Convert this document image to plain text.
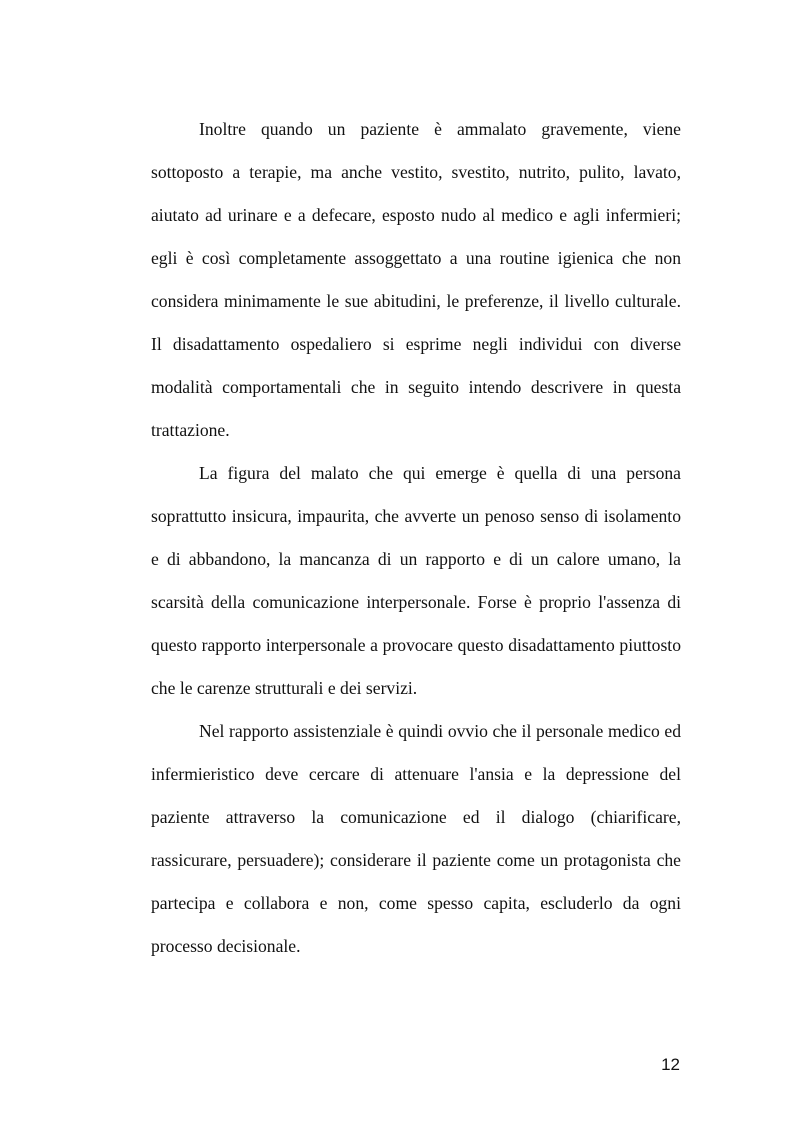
Inoltre quando un paziente è ammalato gravemente, viene sottoposto a terapie, ma anche vestito, svestito, nutrito, pulito, lavato, aiutato ad urinare e a defecare, esposto nudo al medico e agli infermieri; egli è così completamente assoggettato a una routine igienica che non considera minimamente le sue abitudini, le preferenze, il livello culturale. Il disadattamento ospedaliero si esprime negli individui con diverse modalità comportamentali che in seguito intendo descrivere in questa trattazione.

La figura del malato che qui emerge è quella di una persona soprattutto insicura, impaurita, che avverte un penoso senso di isolamento e di abbandono, la mancanza di un rapporto e di un calore umano, la scarsità della comunicazione interpersonale. Forse è proprio l'assenza di questo rapporto interpersonale a provocare questo disadattamento piuttosto che le carenze strutturali e dei servizi.

Nel rapporto assistenziale è quindi ovvio che il personale medico ed infermieristico deve cercare di attenuare l'ansia e la depressione del paziente attraverso la comunicazione ed il dialogo (chiarificare, rassicurare, persuadere); considerare il paziente come un protagonista che partecipa e collabora e non, come spesso capita, escluderlo da ogni processo decisionale.

12
